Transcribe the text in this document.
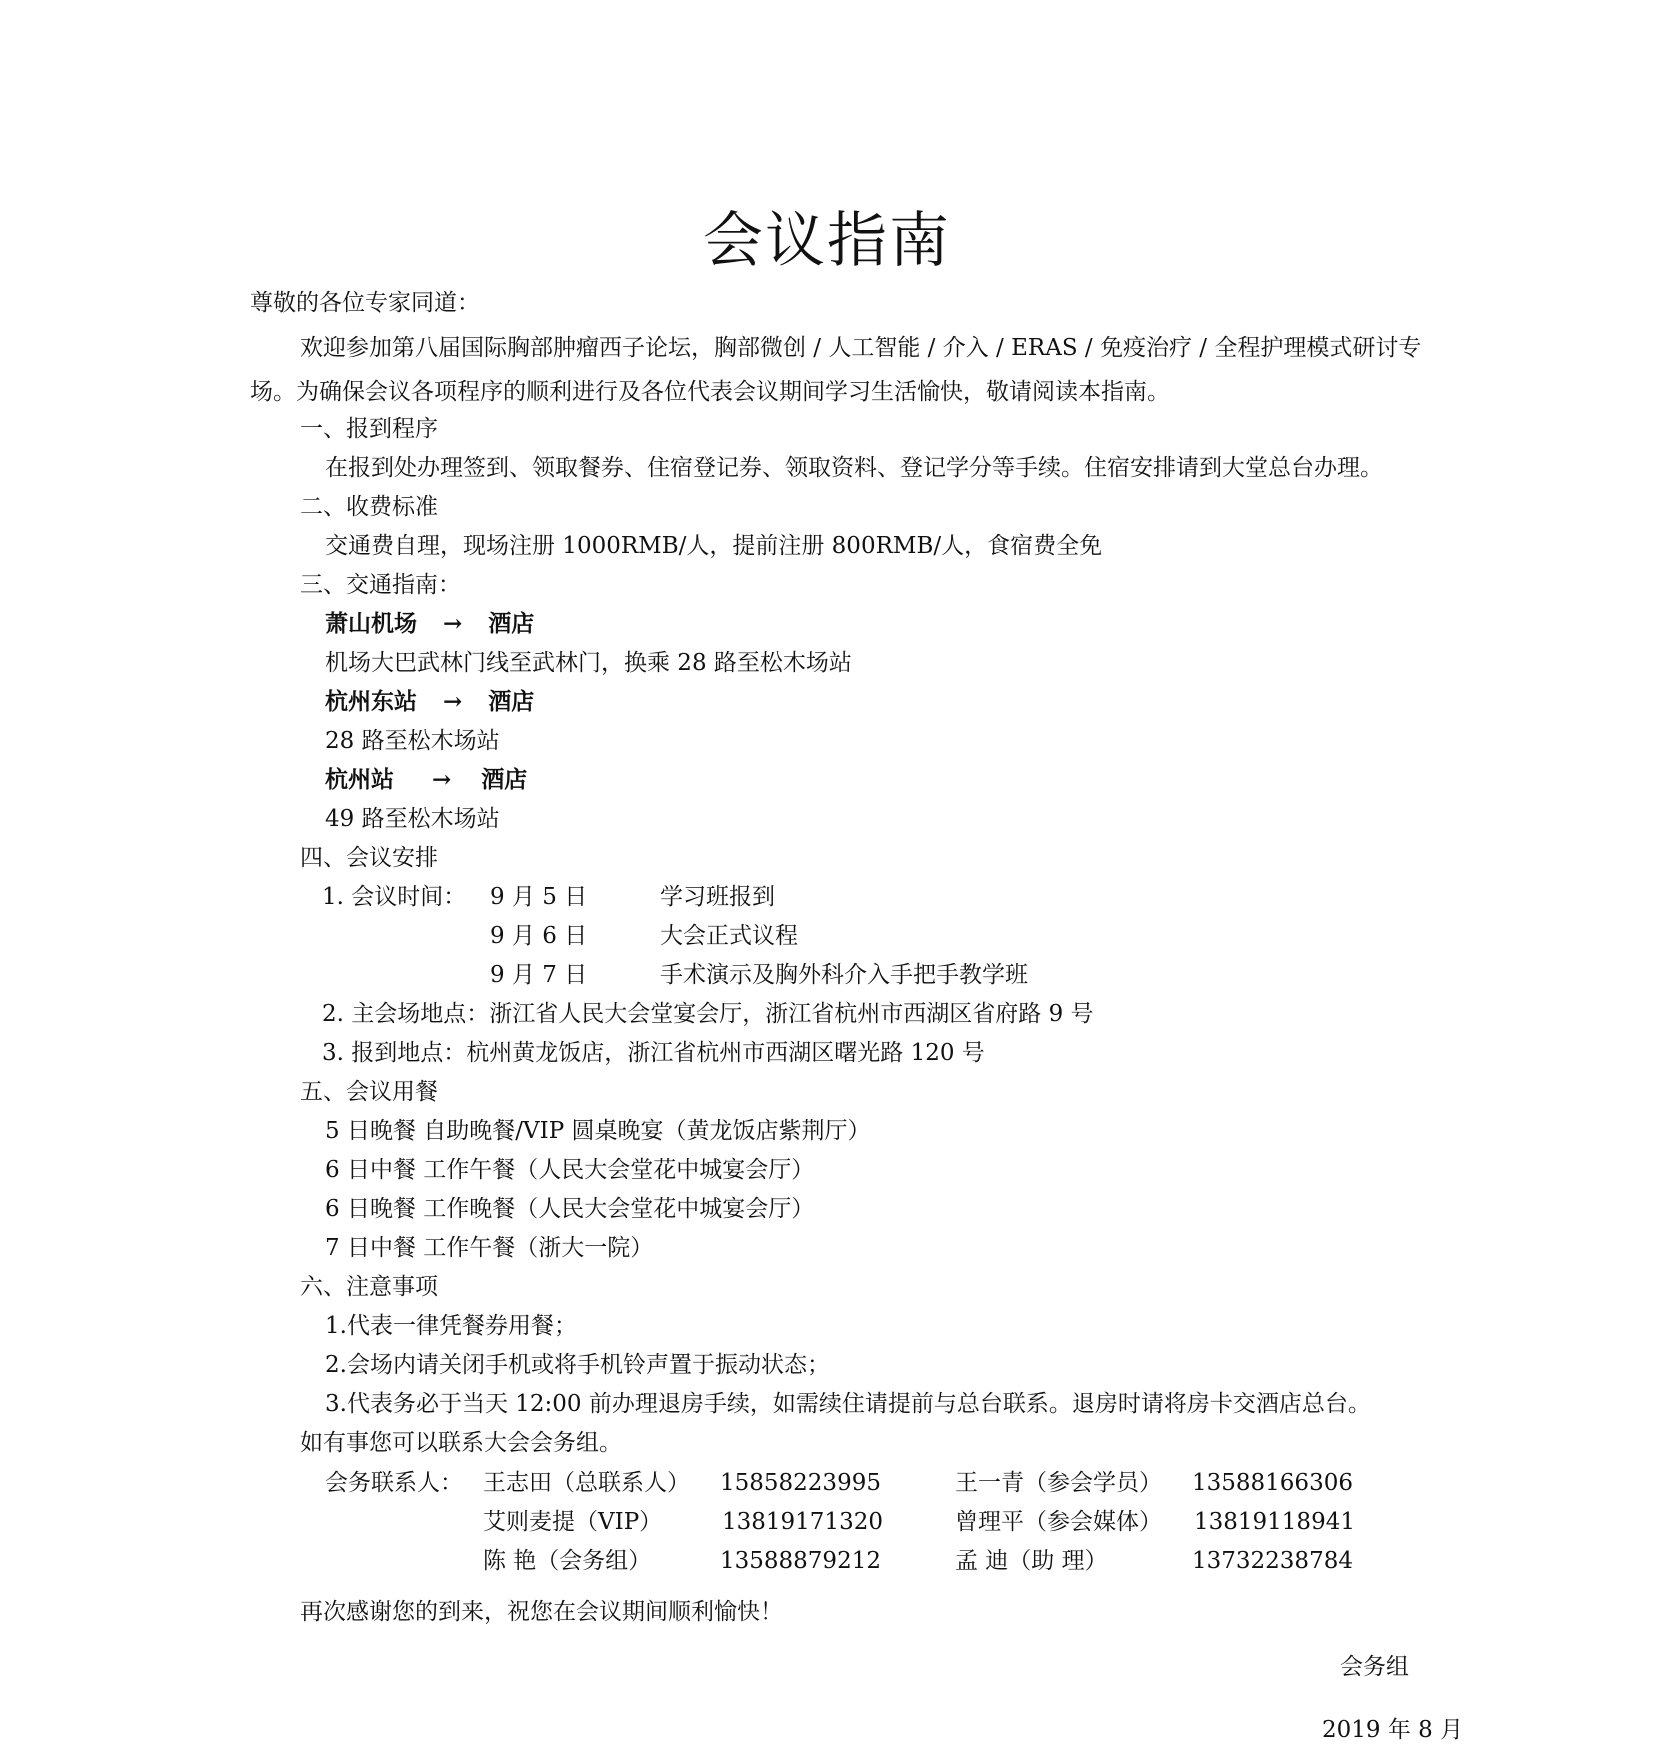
会议指南
尊敬的各位专家同道：
欢迎参加第八届国际胸部肿瘤西子论坛，胸部微创 / 人工智能 / 介入 / ERAS / 免疫治疗 / 全程护理模式研讨专
场。为确保会议各项程序的顺利进行及各位代表会议期间学习生活愉快，敬请阅读本指南。
一、报到程序
在报到处办理签到、领取餐券、住宿登记券、领取资料、登记学分等手续。住宿安排请到大堂总台办理。
二、收费标准
交通费自理，现场注册 1000RMB/人，提前注册 800RMB/人，食宿费全免
三、交通指南：
萧山机场 → 酒店
机场大巴武林门线至武林门，换乘 28 路至松木场站
杭州东站 → 酒店
28 路至松木场站
杭州站 → 酒店
49 路至松木场站
四、会议安排
1. 会议时间： 9 月 5 日	学习班报到
9 月 6 日	大会正式议程
9 月 7 日	手术演示及胸外科介入手把手教学班
2. 主会场地点：浙江省人民大会堂宴会厅，浙江省杭州市西湖区省府路 9 号
3. 报到地点：杭州黄龙饭店，浙江省杭州市西湖区曙光路 120 号
五、会议用餐
5 日晚餐 自助晚餐/VIP 圆桌晚宴（黄龙饭店紫荆厅）
6 日中餐 工作午餐（人民大会堂花中城宴会厅）
6 日晚餐 工作晚餐（人民大会堂花中城宴会厅）
7 日中餐 工作午餐（浙大一院）
六、注意事项
1.代表一律凭餐券用餐；
2.会场内请关闭手机或将手机铃声置于振动状态；
3.代表务必于当天 12:00 前办理退房手续，如需续住请提前与总台联系。退房时请将房卡交酒店总台。
如有事您可以联系大会会务组。
会务联系人： 王志田（总联系人） 15858223995	王一青（参会学员） 13588166306
艾则麦提（VIP）	13819171320	曾理平（参会媒体） 13819118941
陈 艳（会务组）	13588879212	孟 迪（助 理）	13732238784
再次感谢您的到来，祝您在会议期间顺利愉快！
会务组
2019 年 8 月
